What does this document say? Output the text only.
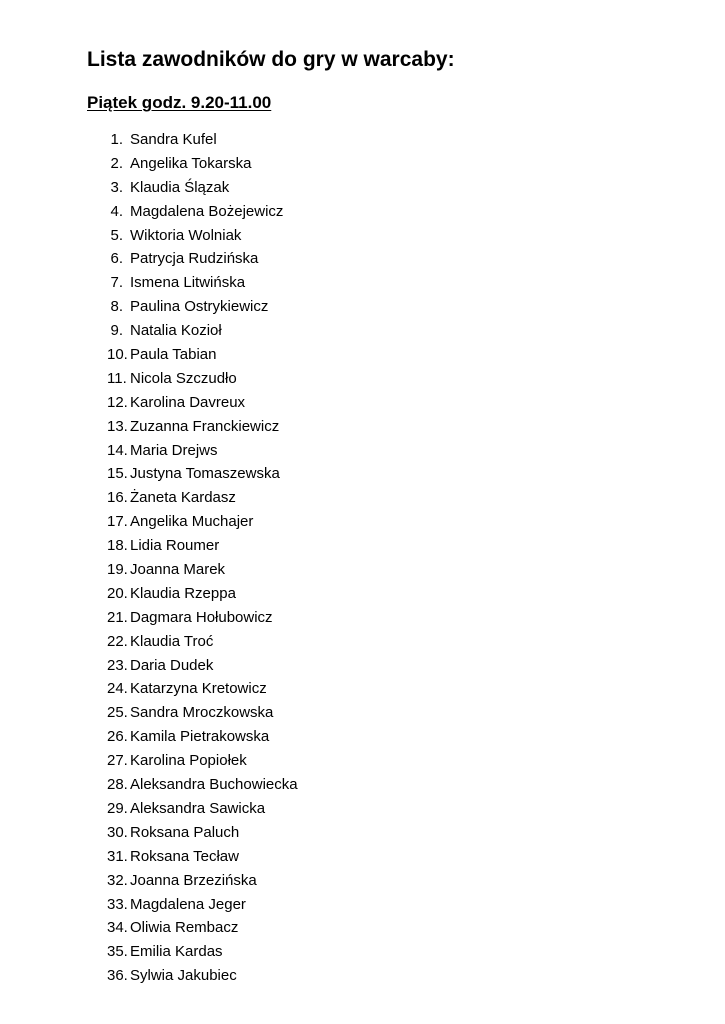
Lista zawodników do gry w warcaby:
Piątek godz. 9.20-11.00
1. Sandra Kufel
2. Angelika Tokarska
3. Klaudia Ślązak
4. Magdalena Bożejewicz
5. Wiktoria Wolniak
6. Patrycja Rudzińska
7. Ismena Litwińska
8. Paulina Ostrykiewicz
9. Natalia Kozioł
10. Paula Tabian
11. Nicola Szczudło
12. Karolina Davreux
13. Zuzanna Franckiewicz
14. Maria Drejws
15. Justyna Tomaszewska
16. Żaneta Kardasz
17. Angelika Muchajer
18. Lidia Roumer
19. Joanna Marek
20. Klaudia Rzeppa
21. Dagmara Hołubowicz
22. Klaudia Troć
23. Daria Dudek
24. Katarzyna Kretowicz
25. Sandra Mroczkowska
26. Kamila Pietrakowska
27. Karolina Popiołek
28. Aleksandra Buchowiecka
29. Aleksandra Sawicka
30. Roksana Paluch
31. Roksana Tecław
32. Joanna Brzezińska
33. Magdalena Jeger
34. Oliwia Rembacz
35. Emilia Kardas
36. Sylwia Jakubiec
